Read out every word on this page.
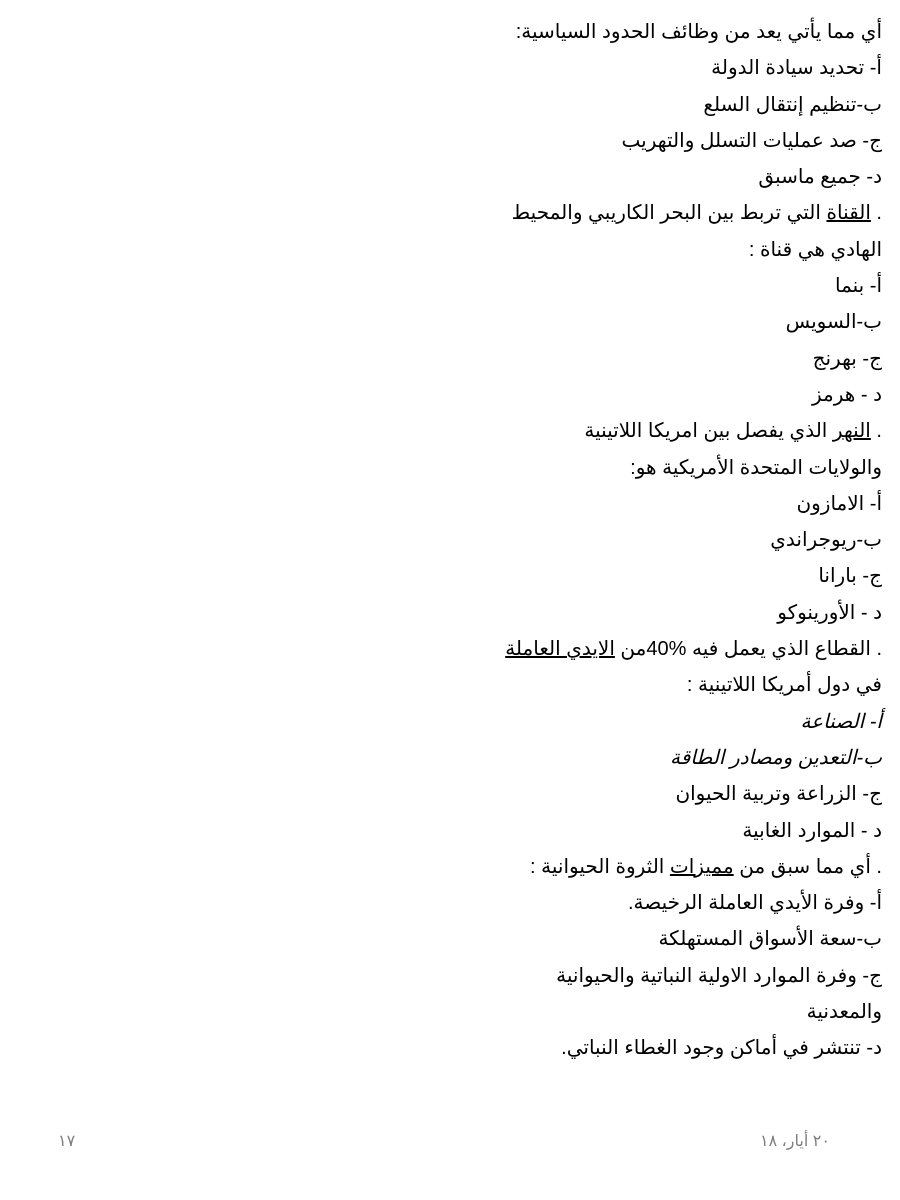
أي مما يأتي يعد من وظائف الحدود السياسية:
أ- تحديد سيادة الدولة
ب-تنظيم إنتقال السلع
ج- صد عمليات التسلل والتهريب
د- جميع ماسبق
. القناة التي تربط بين البحر الكاريبي والمحيط
الهادي هي قناة :
أ- بنما
ب-السويس
ج- بهرنج
د - هرمز
. النهر الذي يفصل بين امريكا اللاتينية
والولايات المتحدة الأمريكية هو:
أ- الامازون
ب-ريوجراندي
ج- بارانا
د - الأورينوكو
. القطاع الذي يعمل فيه %40من الايدي العاملة
في دول أمريكا اللاتينية :
أ- الصناعة
ب-التعدين ومصادر الطاقة
ج- الزراعة وتربية الحيوان
د - الموارد الغابية
. أي مما سبق من مميزات الثروة الحيوانية :
أ- وفرة الأيدي العاملة الرخيصة.
ب-سعة الأسواق المستهلكة
ج- وفرة الموارد الاولية النباتية والحيوانية
والمعدنية
د- تنتشر في أماكن وجود الغطاء النباتي.
٢٠ أيار، ١٨
١٧
